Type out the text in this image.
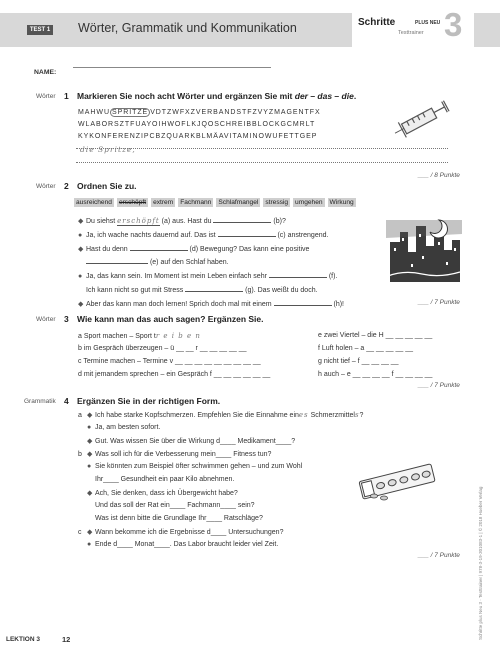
TEST 1 Wörter, Grammatik und Kommunikation	Schritte	PLUS NEU
Testtrainer 3
NAME:
Wörter 1 Markieren Sie noch acht Wörter und ergänzen Sie mit der – das – die.
MAHWU SPRITZE VDTZWFXZVERBANDSTFZVYZMAGENTFX
WLABORSZTFUAYOIHWOFLKJQOSCHREIBBLOCKGCMRLT
KYKONFERENZIPCBZQUARKBLMÄAVITAMINOWUFETTGEP
die Spritze,
___ / 8 Punkte
Wörter 2 Ordnen Sie zu.
ausreichend	erschöpft	extrem	Fachmann	Schlafmangel	stressig	umgehen	Wirkung
◆ Du siehst erschöpft (a) aus. Hast du	(b)?
● Ja, ich wache nachts dauernd auf. Das ist	(c) anstrengend.
◆ Hast du denn	(d) Bewegung? Das kann eine positive
(e) auf den Schlaf haben.
● Ja, das kann sein. Im Moment ist mein Leben einfach sehr	(f).
Ich kann nicht so gut mit Stress	(g). Das weißt du doch.
◆ Aber das kann man doch lernen! Sprich doch mal mit einem	(h)!	___ / 7 Punkte
Wörter 3 Wie kann man das auch sagen? Ergänzen Sie.
a Sport machen – Sport tr e i b e n
b im Gespräch überzeugen – ü __ __ r __ __ __ __ __
c Termine machen – Termine v __ __ __ __ __ __ __ __ __
d mit jemandem sprechen – ein Gespräch f __ __ __ __ __ __
e zwei Viertel – die H __ __ __ __ __
f Luft holen – a __ __ __ __ __
g nicht tief – f __ __ __ __
h auch – e __ __ __ __ f __ __ __ __
___ / 7 Punkte
Grammatik 4 Ergänzen Sie in der richtigen Form.
a ◆ Ich habe starke Kopfschmerzen. Empfehlen Sie die Einnahme eines Schmerzmittels?
● Ja, am besten sofort.
◆ Gut. Was wissen Sie über die Wirkung d____ Medikament____?
b ◆ Was soll ich für die Verbesserung mein____ Fitness tun?
● Sie könnten zum Beispiel öfter schwimmen gehen – und zum Wohl
Ihr____ Gesundheit ein paar Kilo abnehmen.
◆ Ach, Sie denken, dass ich Übergewicht habe?
Und das soll der Rat ein____ Fachmann____ sein?
Was ist denn bitte die Grundlage Ihr____ Ratschläge?
c ◆ Wann bekomme ich die Ergebnisse d____ Untersuchungen?
● Ende d____ Monat____. Das Labor braucht leider viel Zeit.
___ / 7 Punkte	Schritte plus Neu 3 · Testtrainer | 978-3-19-301083-1 | © 2018 Hueber Verlag
LEKTION 3	12
